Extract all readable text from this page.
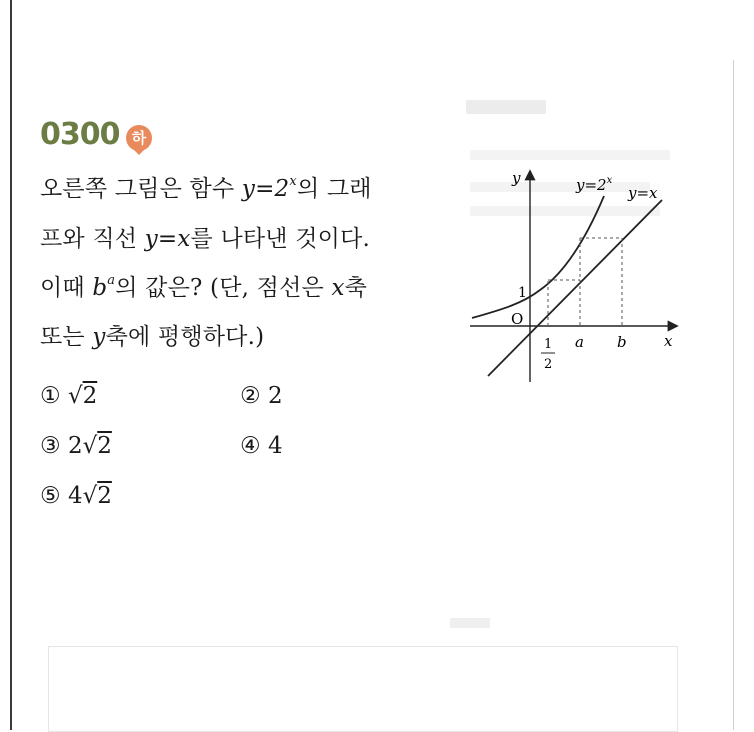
0300 하
오른쪽 그림은 함수 $y=2^x$의 그래
프와 직선 y=x를 나타낸 것이다.
이때 $b^a$의 값은? (단, 점선은 x축
또는 y축에 평행하다.)
① √2	② 2
③ 2√2	④ 4
⑤ 4√2
y
x
$y=2^x$
y=x
O
1
1
2
a b
